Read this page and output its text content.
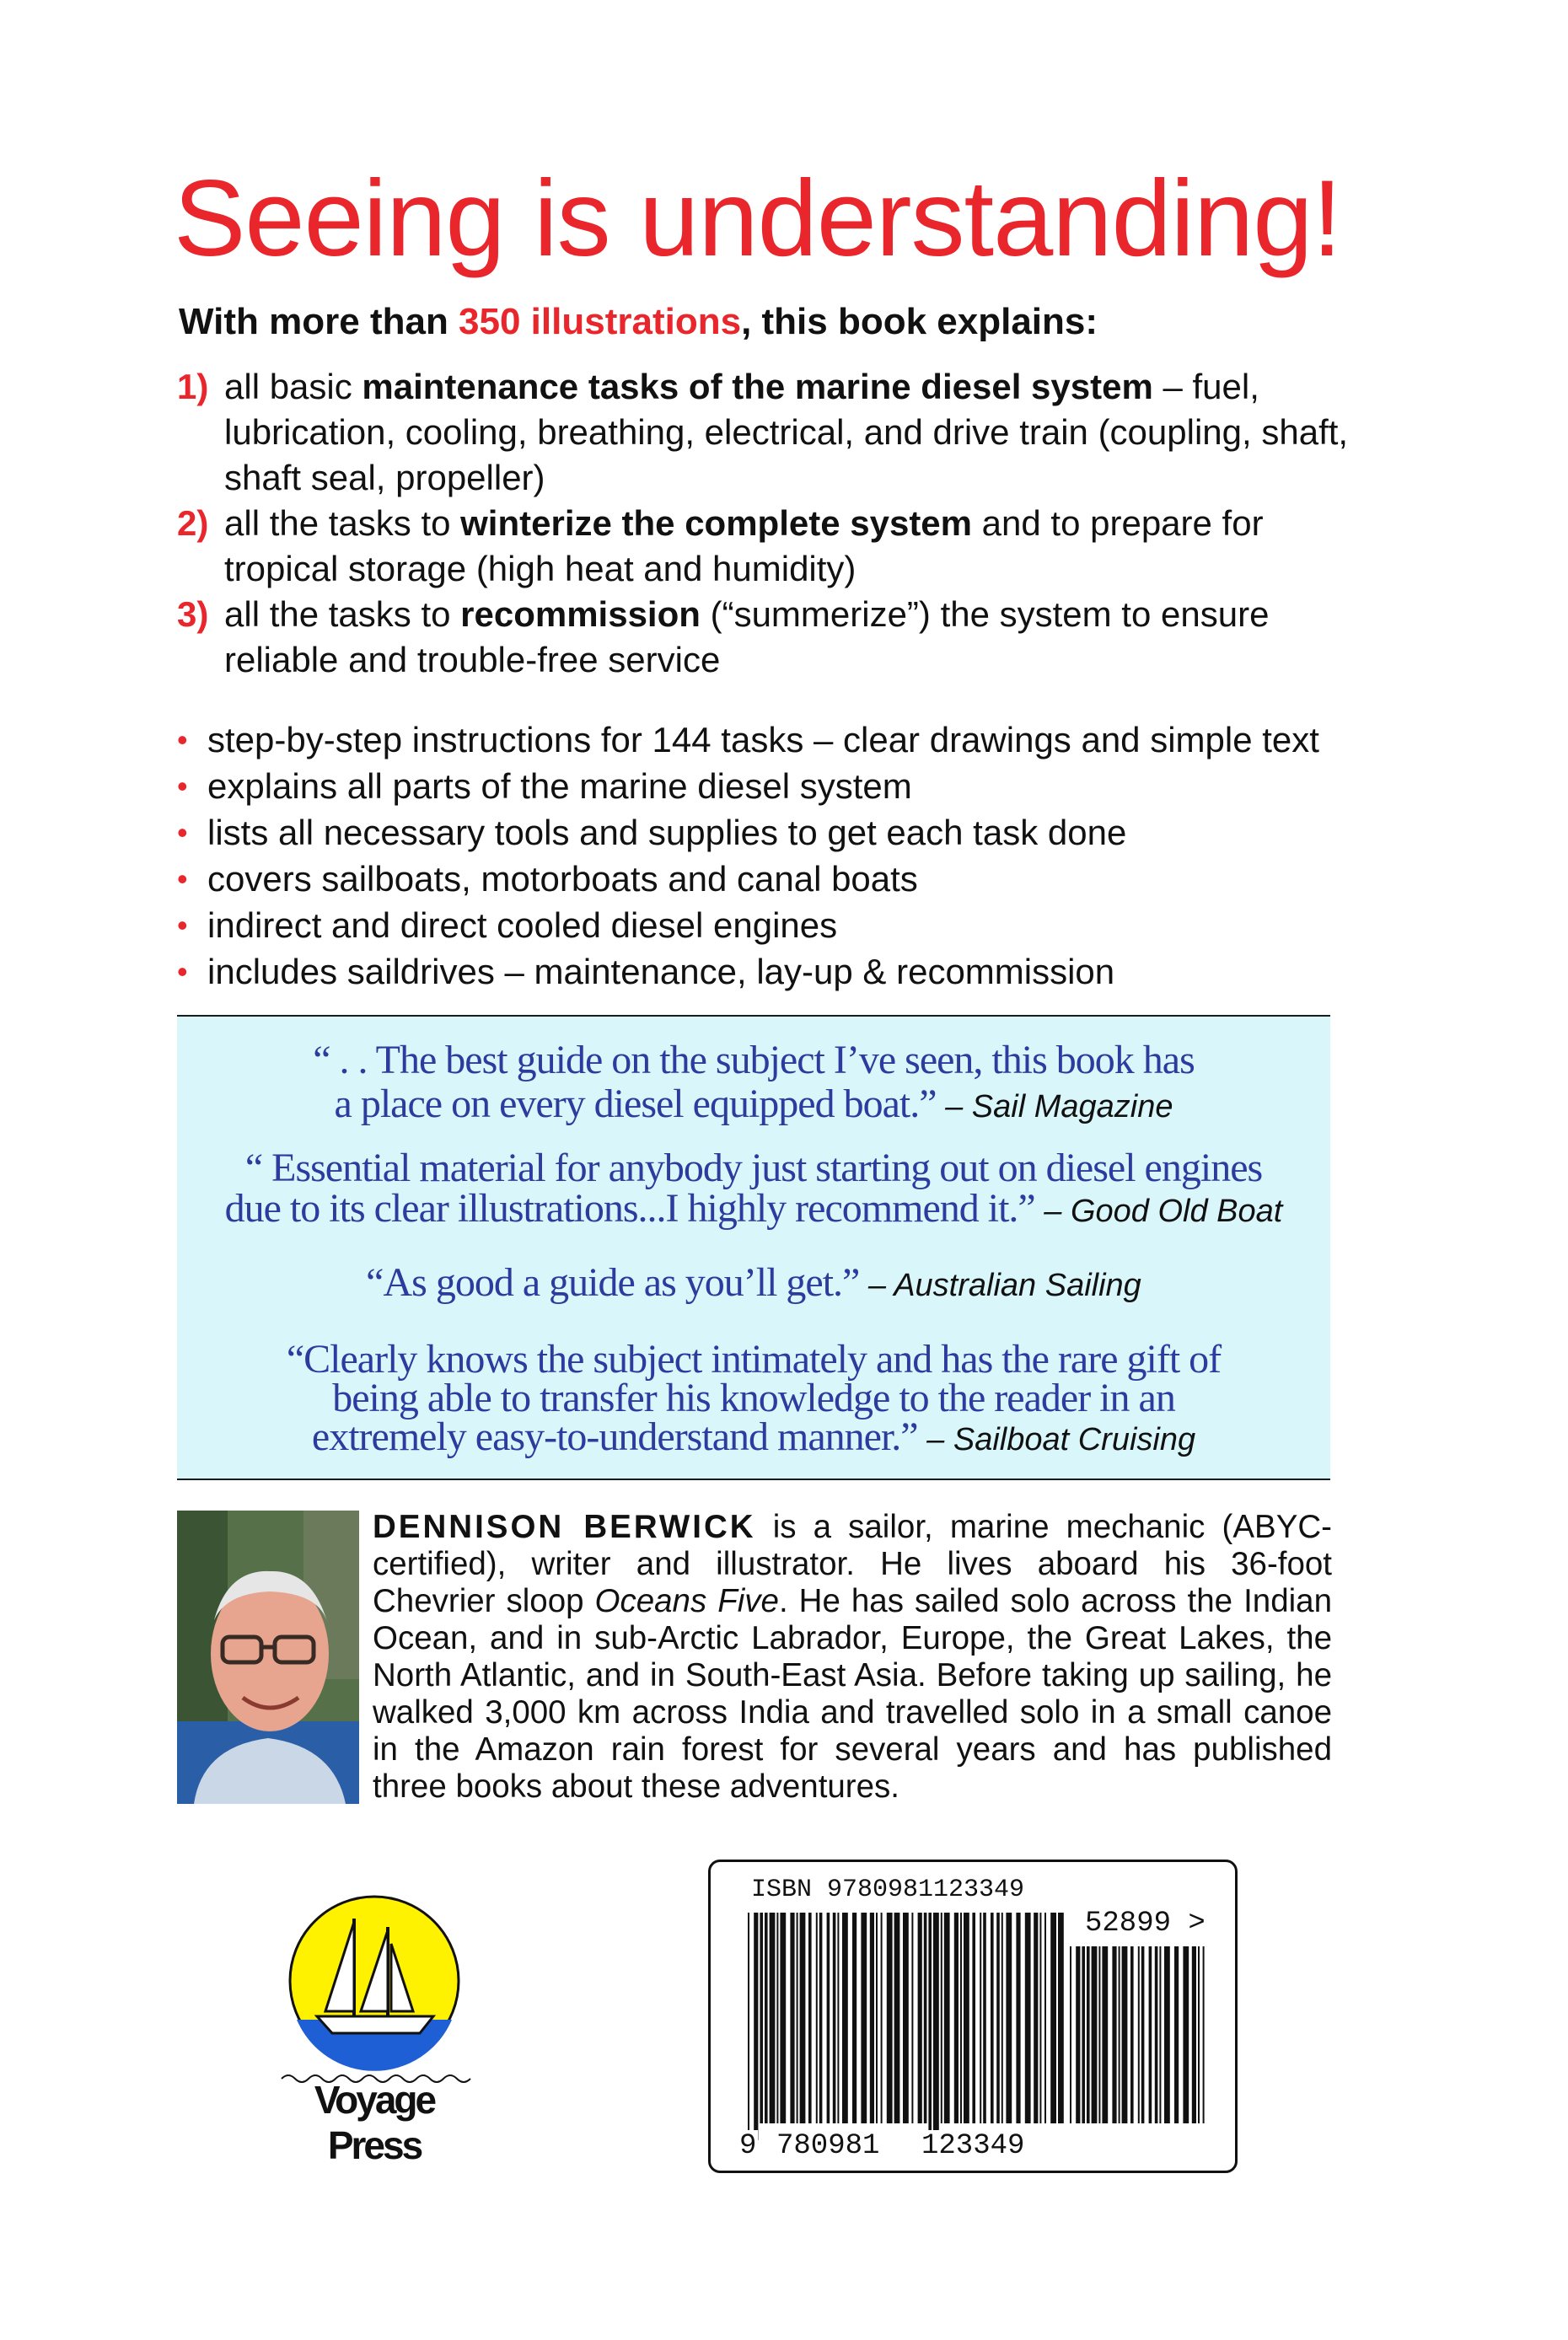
Seeing is understanding!

With more than 350 illustrations, this book explains:

1) all basic maintenance tasks of the marine diesel system – fuel, lubrication, cooling, breathing, electrical, and drive train (coupling, shaft, shaft seal, propeller)
2) all the tasks to winterize the complete system and to prepare for tropical storage (high heat and humidity)
3) all the tasks to recommission (“summerize”) the system to ensure reliable and trouble-free service
• step-by-step instructions for 144 tasks – clear drawings and simple text
• explains all parts of the marine diesel system
• lists all necessary tools and supplies to get each task done
• covers sailboats, motorboats and canal boats
• indirect and direct cooled diesel engines
• includes saildrives – maintenance, lay-up & recommission
“ . . The best guide on the subject I’ve seen, this book has
a place on every diesel equipped boat.” – Sail Magazine
“ Essential material for anybody just starting out on diesel engines
due to its clear illustrations...I highly recommend it.” – Good Old Boat
“As good a guide as you’ll get.” – Australian Sailing
“Clearly knows the subject intimately and has the rare gift of
being able to transfer his knowledge to the reader in an
extremely easy-to-understand manner.” – Sailboat Cruising

DENNISON BERWICK is a sailor, marine mechanic (ABYC-certified), writer and illustrator. He lives aboard his 36-foot Chevrier sloop Oceans Five. He has sailed solo across the Indian Ocean, and in sub-Arctic Labrador, Europe, the Great Lakes, the North Atlantic, and in South-East Asia. Before taking up sailing, he walked 3,000 km across India and travelled solo in a small canoe in the Amazon rain forest for several years and has published three books about these adventures.

Voyage Press
ISBN 9780981123349
52899 >
9 780981 123349
